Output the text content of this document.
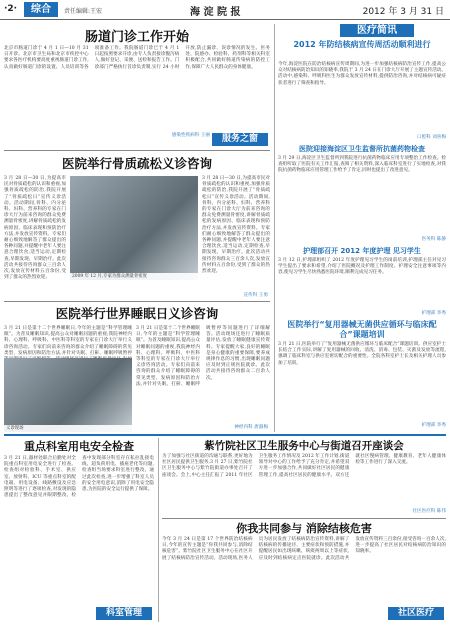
·2·	综合	责任编辑:王宏	海 淀 院 报	2012 年 3 月 31 日
肠道门诊工作开始
北京市肠道门诊于 4 月 1 日—10 月 31 日开诊。北京市卫生局和北京市疾控中心要求各医疗机构要高度重视肠道门诊工作,认真做好肠道门诊的设置、人员培训等各项准备工作。我院肠道门诊已于 4 月 1 日起按照要求开诊,由专人负责接诊腹泻病人,做好登记、采便、送检和报告工作。门诊部门严格执行首诊负责制,实行 24 小时开放,防止漏诊、误诊情况的发生。医务处、院感办、检验科、药剂科等相关科室积极配合,共同做好肠道传染病的防控工作,保障广大人民群众的身体健康。
感染性疾病科 王丽	服务之窗
医院举行骨质疏松义诊咨询
3 月 28 日—30 日,为提高市民对骨质疏松的认识和重视,加强骨质疏松的防治,我院开展了“骨质疏松日”宣传义诊活动。活动期间,骨科、内分泌科、妇科、营养科的专家在门诊大厅为前来咨询的群众免费测量骨密度,讲解骨质疏松的发病原因、临床表现和预防治疗方法,并发放宣传资料。专家们耐心细致地解答了群众提出的各种问题,并提醒中老年人要注意合理饮食,适当运动,定期检查,早期发现、早期治疗。此次活动共接待咨询群众三百余人次,发放宣传材料五百余份,受到了群众的热烈欢迎。	2009 年 12 月,专家为群众测量骨密度
3 月 28 日—30 日,为提高市民对骨质疏松的认识和重视,加强骨质疏松的防治,我院开展了“骨质疏松日”宣传义诊活动。活动期间,骨科、内分泌科、妇科、营养科的专家在门诊大厅为前来咨询的群众免费测量骨密度,讲解骨质疏松的发病原因、临床表现和预防治疗方法,并发放宣传资料。专家们耐心细致地解答了群众提出的各种问题,并提醒中老年人要注意合理饮食,适当运动,定期检查,早期发现、早期治疗。此次活动共接待咨询群众三百余人次,发放宣传材料五百余份,受到了群众的热烈欢迎。
宣传科 王勇
医院举行世界睡眠日义诊咨询
3 月 21 日是第十二个世界睡眠日,今年的主题是“科学管理睡眠”。为普及睡眠知识,提高公众对睡眠问题的重视,我院神经内科、心理科、呼吸科、中医科等科室的专家在门诊大厅举行义诊咨询活动。专家们向前来咨询的群众介绍了睡眠障碍的常见类型、发病原因和防治方法,并针对失眠、打鼾、睡眠呼吸暂停
义诊现场
3 月 21 日是第十二个世界睡眠日,今年的主题是“科学管理睡眠”。为普及睡眠知识,提高公众对睡眠问题的重视,我院神经内科、心理科、呼吸科、中医科等科室的专家在门诊大厅举行义诊咨询活动。专家们向前来咨询的群众介绍了睡眠障碍的常见类型、发病原因和防治方法,并针对失眠、打鼾、睡眠呼吸暂停等问题进行了详细解答。活动现场还进行了睡眠质量评估,发放了睡眠健康宣传资料。专家提醒大家,良好的睡眠是身心健康的重要保障,要养成规律作息的习惯,出现睡眠问题应及时到正规医院就诊。此次活动共接待咨询群众二百余人次。
神经内科 唐淑梅
医疗简讯
2012 年防结核病宣传周活动顺利进行
今年,海淀医院在防治结核病宣传周期间,为进一步加强结核病防治宣传工作,提高公众对结核病防治知识的知晓率,我院于 3 月 24 日在门诊大厅开展了主题宣传活动。活动中,感染科、呼吸科医生为群众发放宣传材料,提供防治咨询,并对结核病可疑症状者进行了筛查和指导。
口腔科 刘喜梅
医院迎接海淀区卫生监督所抗菌药物检查
3 月 29 日,海淀区卫生监督所到我院进行抗菌药物临床应用专项整治工作检查。检查组听取了医院有关工作汇报,查阅了相关资料,深入临床科室进行了实地检查,对我院抗菌药物临床应用管理工作给予了肯定,同时也提出了改进意见。
医务科 陈静
护理部召开 2012 年度护理 见习学生
3 月 12 日,护理部组织了 2012 年度护理见习学生的岗前培训,护理部主任对见习学生提出了要求和希望,介绍了医院概况及护理工作制度、护理安全注意事项等内容,使见习学生尽快熟悉医院环境,顺利完成见习任务。
护理部 李秀
医院举行“复用器械无菌供应循环与临床配合”课题培训
3 月 21 日,医院举行了“复用器械无菌供应循环与临床配合”课题培训。供应室护士长结合工作实际,讲解了复用器械的回收、清洗、消毒、包装、灭菌及发放等流程,强调了临床科室与供应室密切配合的重要性。全院各科室护士长及相关护理人员参加了培训。
护理部 李秀
重点科室用电安全检查
3 月 21 日,器材处联合后勤处对全院重点科室用电安全进行了检查。检查组对检验科、手术室、供应室、放射科、ICU 等重点科室的配电箱、用电设备、线路敷设及应急照明等进行了逐项检查,对发现的隐患提出了整改意见并限期整改。检查中发现部分科室存在私拉乱接电线、超负荷用电、插座老化等问题,检查组当场要求科室进行整改。通过此次检查,进一步增强了科室人员的安全用电意识,消除了用电安全隐患,为医院的安全运行提供了保障。
科室管理
紫竹院社区卫生服务中心与街道召开座谈会
为了加强与社区街道的沟通与联系,更好地为社区居民提供卫生服务,3 月 27 日,紫竹院社区卫生服务中心与紫竹院街道办事处召开了座谈会。会上,中心主任汇报了 2011 年社区卫生服务工作情况及 2012 年工作计划,街道领导对中心的工作给予了充分肯定,并希望双方进一步加强合作,共同做好社区居民的健康管理工作,提高社区居民的健康水平。双方还就社区慢病管理、健康教育、老年人健康体检等工作进行了深入交流。
社区医疗科 陈伟
你我共同参与 消除结核危害
今年 3 月 24 日是第 17 个世界防治结核病日,今年的宣传主题是“你我共同参与,消除结核危害”。紫竹院社区卫生服务中心在社区开展了结核病防治宣传活动。活动现场,医务人员为居民发放了结核病防治宣传资料,讲解了结核病的传播途径、主要症状和预防措施,并提醒居民如出现咳嗽、咳痰两周以上等症状,应及时到结核病定点医院就诊。此次活动共发放宣传资料三百余份,接受咨询一百余人次,进一步提高了社区居民对结核病防治知识的知晓率。
社区医疗
